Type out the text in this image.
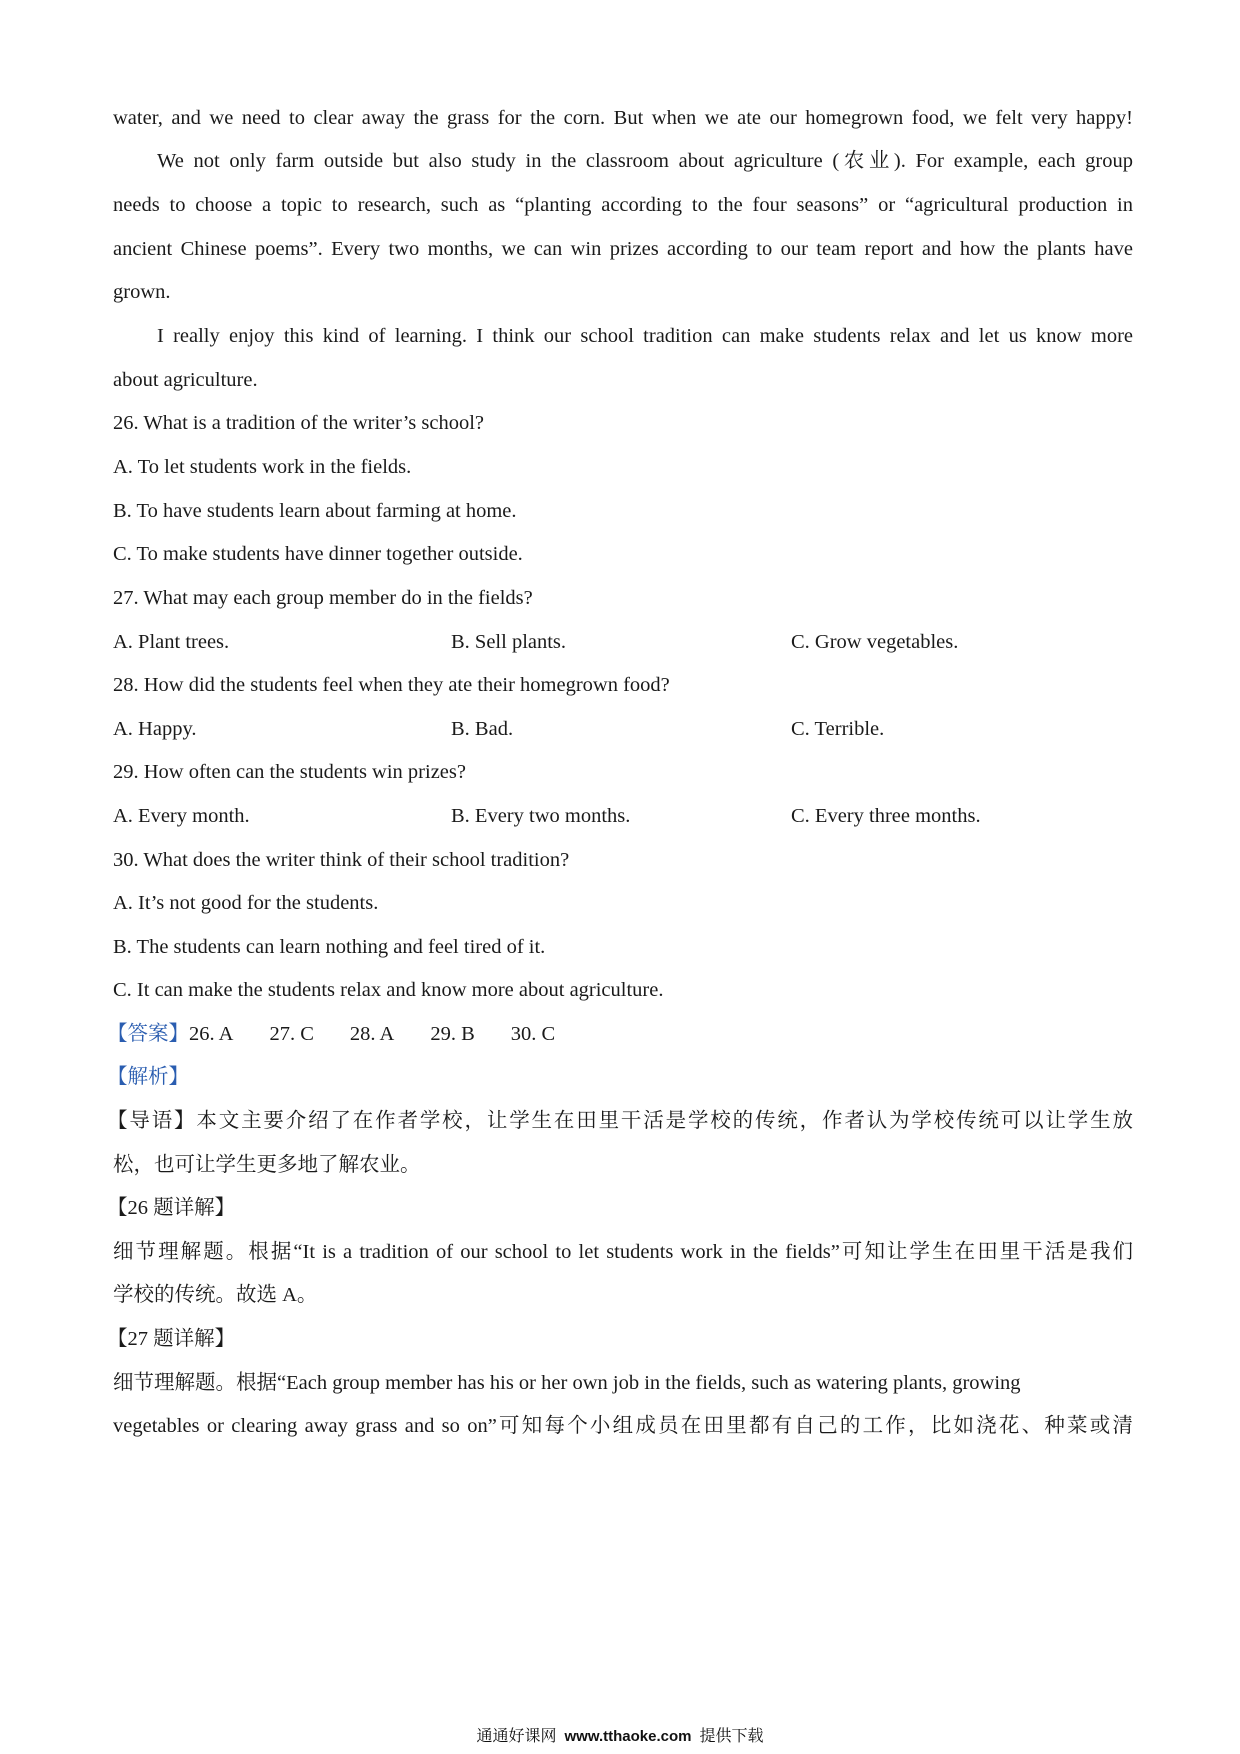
water, and we need to clear away the grass for the corn. But when we ate our homegrown food, we felt very happy!
We not only farm outside but also study in the classroom about agriculture (农业). For example, each group
needs to choose a topic to research, such as “planting according to the four seasons” or “agricultural production in
ancient Chinese poems”. Every two months, we can win prizes according to our team report and how the plants have
grown.
I really enjoy this kind of learning. I think our school tradition can make students relax and let us know more
about agriculture.
26. What is a tradition of the writer’s school?
A. To let students work in the fields.
B. To have students learn about farming at home.
C. To make students have dinner together outside.
27. What may each group member do in the fields?
A. Plant trees.	B. Sell plants.	C. Grow vegetables.
28. How did the students feel when they ate their homegrown food?
A. Happy.	B. Bad.	C. Terrible.
29. How often can the students win prizes?
A. Every month.	B. Every two months.	C. Every three months.
30. What does the writer think of their school tradition?
A. It’s not good for the students.
B. The students can learn nothing and feel tired of it.
C. It can make the students relax and know more about agriculture.
【答案】26. A 27. C 28. A 29. B 30. C
【解析】
【导语】本文主要介绍了在作者学校，让学生在田里干活是学校的传统，作者认为学校传统可以让学生放
松，也可让学生更多地了解农业。
【26 题详解】
细节理解题。根据“It is a tradition of our school to let students work in the fields”可知让学生在田里干活是我们
学校的传统。故选 A。
【27 题详解】
细节理解题。根据“Each group member has his or her own job in the fields, such as watering plants, growing
vegetables or clearing away grass and so on”可知每个小组成员在田里都有自己的工作，比如浇花、种菜或清
通通好课网 www.tthaoke.com 提供下载
